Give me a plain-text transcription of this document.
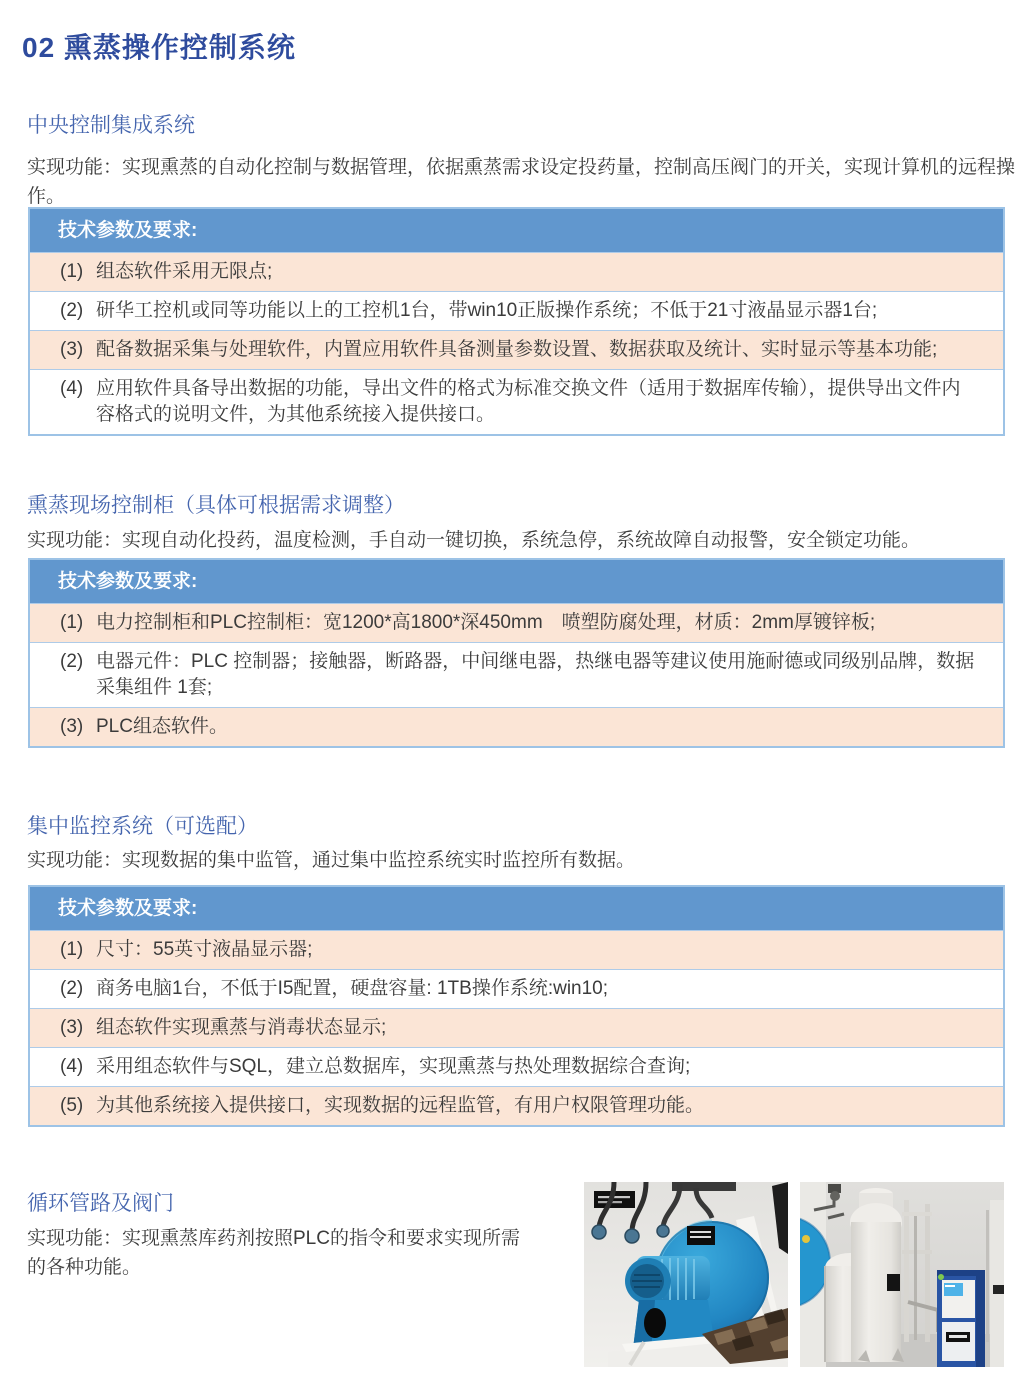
02 熏蒸操作控制系统
中央控制集成系统

实现功能：实现熏蒸的自动化控制与数据管理，依据熏蒸需求设定投药量，控制高压阀门的开关，实现计算机的远程操作。

技术参数及要求:
(1) 组态软件采用无限点;
(2) 研华工控机或同等功能以上的工控机1台，带win10正版操作系统；不低于21寸液晶显示器1台;
(3) 配备数据采集与处理软件，内置应用软件具备测量参数设置、数据获取及统计、实时显示等基本功能;
(4) 应用软件具备导出数据的功能，导出文件的格式为标准交换文件（适用于数据库传输），提供导出文件内容格式的说明文件，为其他系统接入提供接口。
熏蒸现场控制柜（具体可根据需求调整）

实现功能：实现自动化投药，温度检测，手自动一键切换，系统急停，系统故障自动报警，安全锁定功能。

技术参数及要求:
(1) 电力控制柜和PLC控制柜：宽1200*高1800*深450mm　喷塑防腐处理，材质：2mm厚镀锌板;
(2) 电器元件：PLC 控制器；接触器，断路器，中间继电器，热继电器等建议使用施耐德或同级别品牌，数据采集组件 1套;
(3) PLC组态软件。
集中监控系统（可选配）

实现功能：实现数据的集中监管，通过集中监控系统实时监控所有数据。

技术参数及要求:
(1) 尺寸：55英寸液晶显示器;
(2) 商务电脑1台，不低于I5配置，硬盘容量: 1TB操作系统:win10;
(3) 组态软件实现熏蒸与消毒状态显示;
(4) 采用组态软件与SQL，建立总数据库，实现熏蒸与热处理数据综合查询;
(5) 为其他系统接入提供接口，实现数据的远程监管，有用户权限管理功能。
循环管路及阀门

实现功能：实现熏蒸库药剂按照PLC的指令和要求实现所需的各种功能。
